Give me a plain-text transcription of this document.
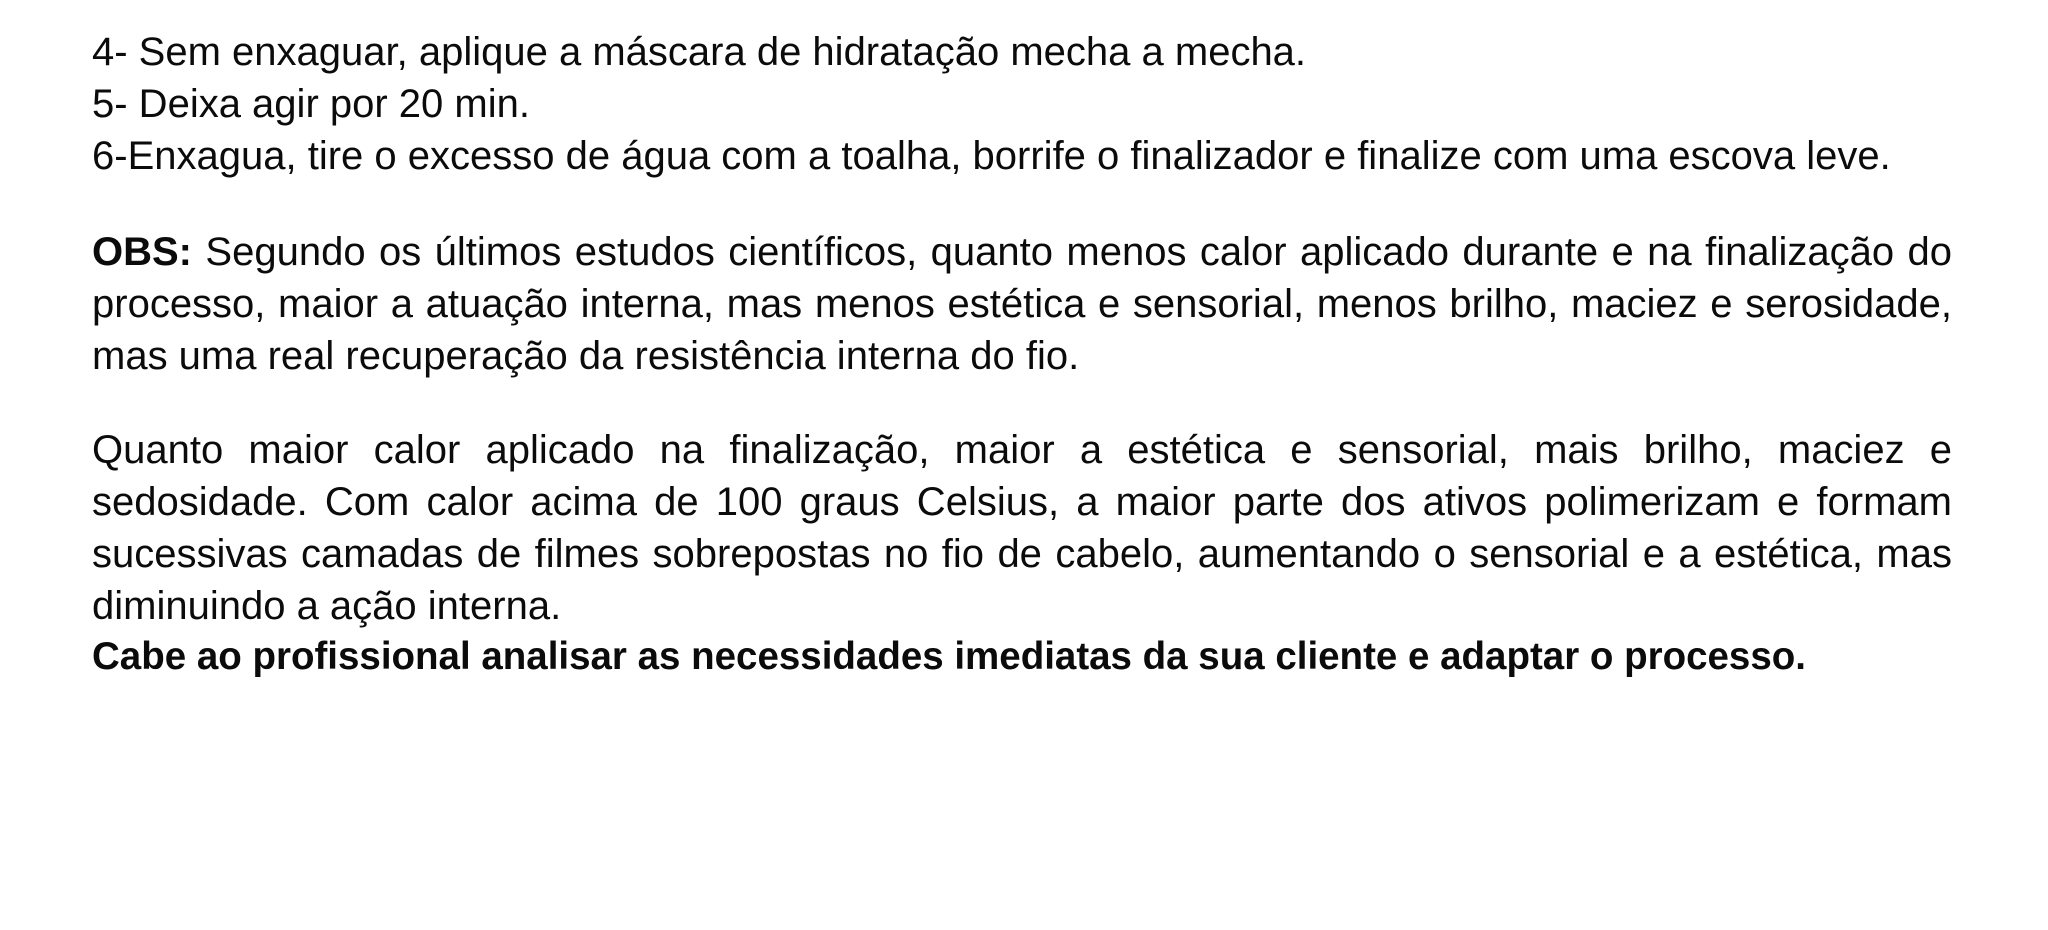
4- Sem enxaguar, aplique a máscara de hidratação mecha a mecha.

5- Deixa agir por 20 min.

6-Enxagua, tire o excesso de água com a toalha, borrife o finalizador e finalize com uma escova leve.

OBS: Segundo os últimos estudos científicos, quanto menos calor aplicado durante e na finalização do processo, maior a atuação interna, mas menos estética e sensorial, menos brilho, maciez e serosidade, mas uma real recuperação da resistência interna do fio.

Quanto maior calor aplicado na finalização, maior a estética e sensorial, mais brilho, maciez e sedosidade. Com calor acima de 100 graus Celsius, a maior parte dos ativos polimerizam e formam sucessivas camadas de filmes sobrepostas no fio de cabelo, aumentando o sensorial e a estética, mas diminuindo a ação interna.

Cabe ao profissional analisar as necessidades imediatas da sua cliente e adaptar o processo.
